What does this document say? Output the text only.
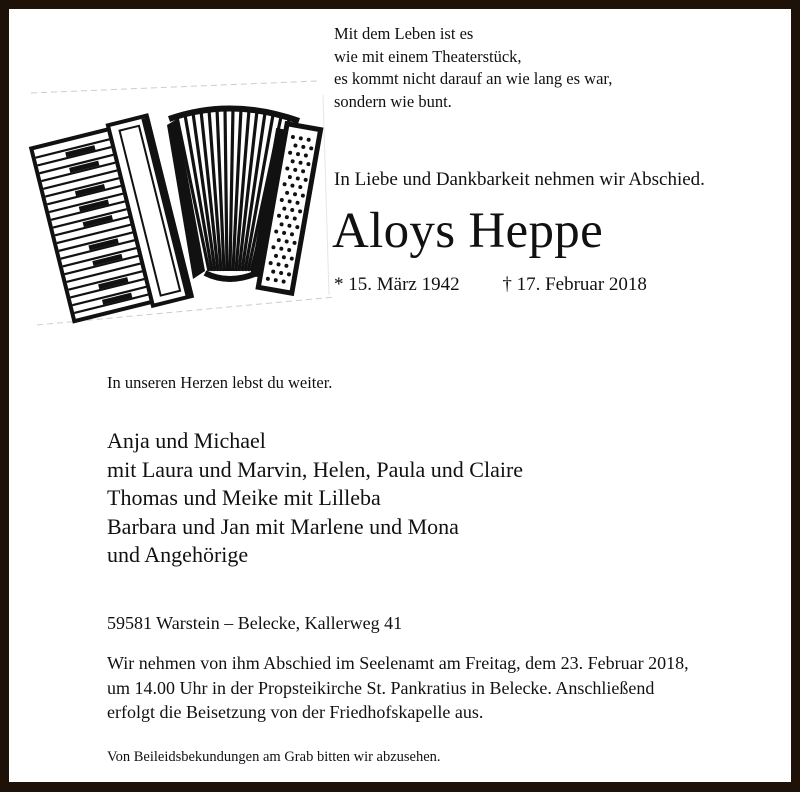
Mit dem Leben ist es
wie mit einem Theaterstück,
es kommt nicht darauf an wie lang es war,
sondern wie bunt.
In Liebe und Dankbarkeit nehmen wir Abschied.
Aloys Heppe
* 15. März 1942 † 17. Februar 2018
In unseren Herzen lebst du weiter.
Anja und Michael
mit Laura und Marvin, Helen, Paula und Claire
Thomas und Meike mit Lilleba
Barbara und Jan mit Marlene und Mona
und Angehörige
59581 Warstein – Belecke, Kallerweg 41
Wir nehmen von ihm Abschied im Seelenamt am Freitag, dem 23. Februar 2018,
um 14.00 Uhr in der Propsteikirche St. Pankratius in Belecke. Anschließend
erfolgt die Beisetzung von der Friedhofskapelle aus.
Von Beileidsbekundungen am Grab bitten wir abzusehen.
